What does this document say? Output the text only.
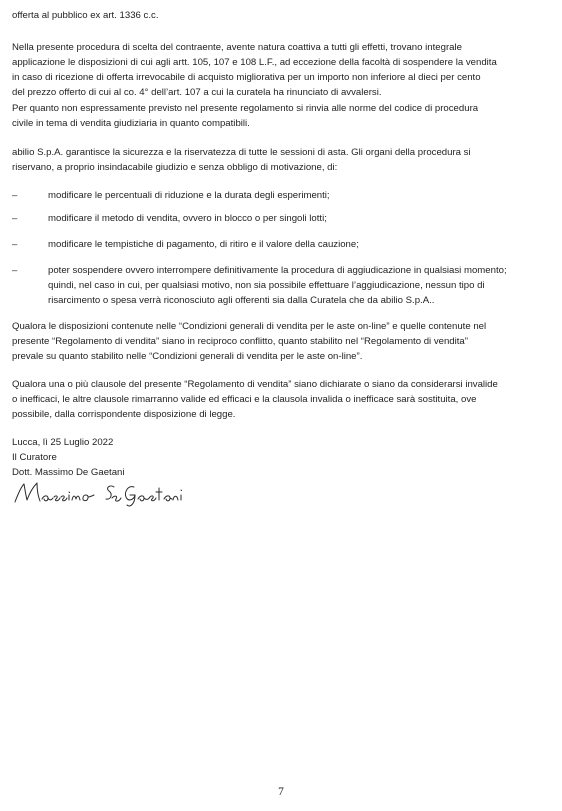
offerta al pubblico ex art. 1336 c.c.
Nella presente procedura di scelta del contraente, avente natura coattiva a tutti gli effetti, trovano integrale
applicazione le disposizioni di cui agli artt. 105, 107 e 108 L.F., ad eccezione della facoltà di sospendere la vendita
in caso di ricezione di offerta irrevocabile di acquisto migliorativa per un importo non inferiore al dieci per cento
del prezzo offerto di cui al co. 4° dell’art. 107 a cui la curatela ha rinunciato di avvalersi.
Per quanto non espressamente previsto nel presente regolamento si rinvia alle norme del codice di procedura
civile in tema di vendita giudiziaria in quanto compatibili.
abilio S.p.A. garantisce la sicurezza e la riservatezza di tutte le sessioni di asta. Gli organi della procedura si
riservano, a proprio insindacabile giudizio e senza obbligo di motivazione, di:
–	modificare le percentuali di riduzione e la durata degli esperimenti;
–	modificare il metodo di vendita, ovvero in blocco o per singoli lotti;
–	modificare le tempistiche di pagamento, di ritiro e il valore della cauzione;
–	poter sospendere ovvero interrompere definitivamente la procedura di aggiudicazione in qualsiasi momento;
quindi, nel caso in cui, per qualsiasi motivo, non sia possibile effettuare l’aggiudicazione, nessun tipo di
risarcimento o spesa verrà riconosciuto agli offerenti sia dalla Curatela che da abilio S.p.A..
Qualora le disposizioni contenute nelle “Condizioni generali di vendita per le aste on-line” e quelle contenute nel
presente “Regolamento di vendita” siano in reciproco conflitto, quanto stabilito nel “Regolamento di vendita”
prevale su quanto stabilito nelle “Condizioni generali di vendita per le aste on-line”.
Qualora una o più clausole del presente “Regolamento di vendita” siano dichiarate o siano da considerarsi invalide
o inefficaci, le altre clausole rimarranno valide ed efficaci e la clausola invalida o inefficace sarà sostituita, ove
possibile, dalla corrispondente disposizione di legge.
Lucca, lì 25 Luglio 2022
Il Curatore
Dott. Massimo De Gaetani
7
